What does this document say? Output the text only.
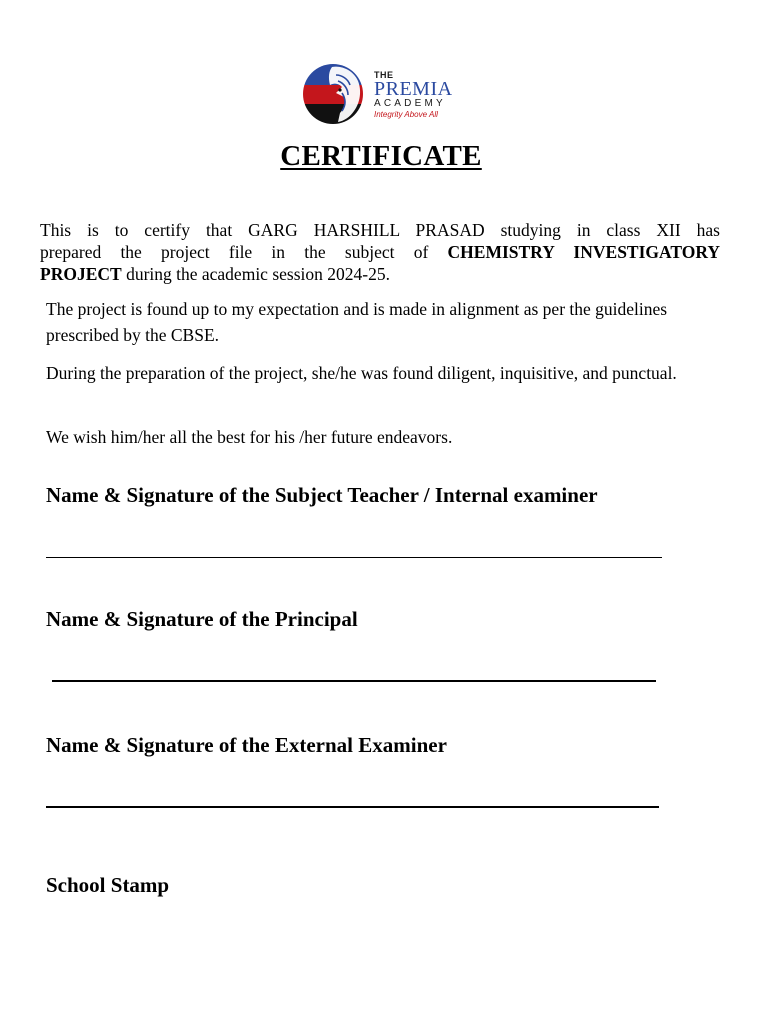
THE
PREMIA
ACADEMY
Integrity Above All
CERTIFICATE
This is to certify that GARG HARSHILL PRASAD studying in class XII has
prepared the project file in the subject of CHEMISTRY INVESTIGATORY
PROJECT during the academic session 2024-25.
The project is found up to my expectation and is made in alignment as per the guidelines prescribed by the CBSE.
During the preparation of the project, she/he was found diligent, inquisitive, and punctual.
We wish him/her all the best for his /her future endeavors.
Name & Signature of the Subject Teacher / Internal examiner
Name & Signature of the Principal
Name & Signature of the External Examiner
School Stamp
